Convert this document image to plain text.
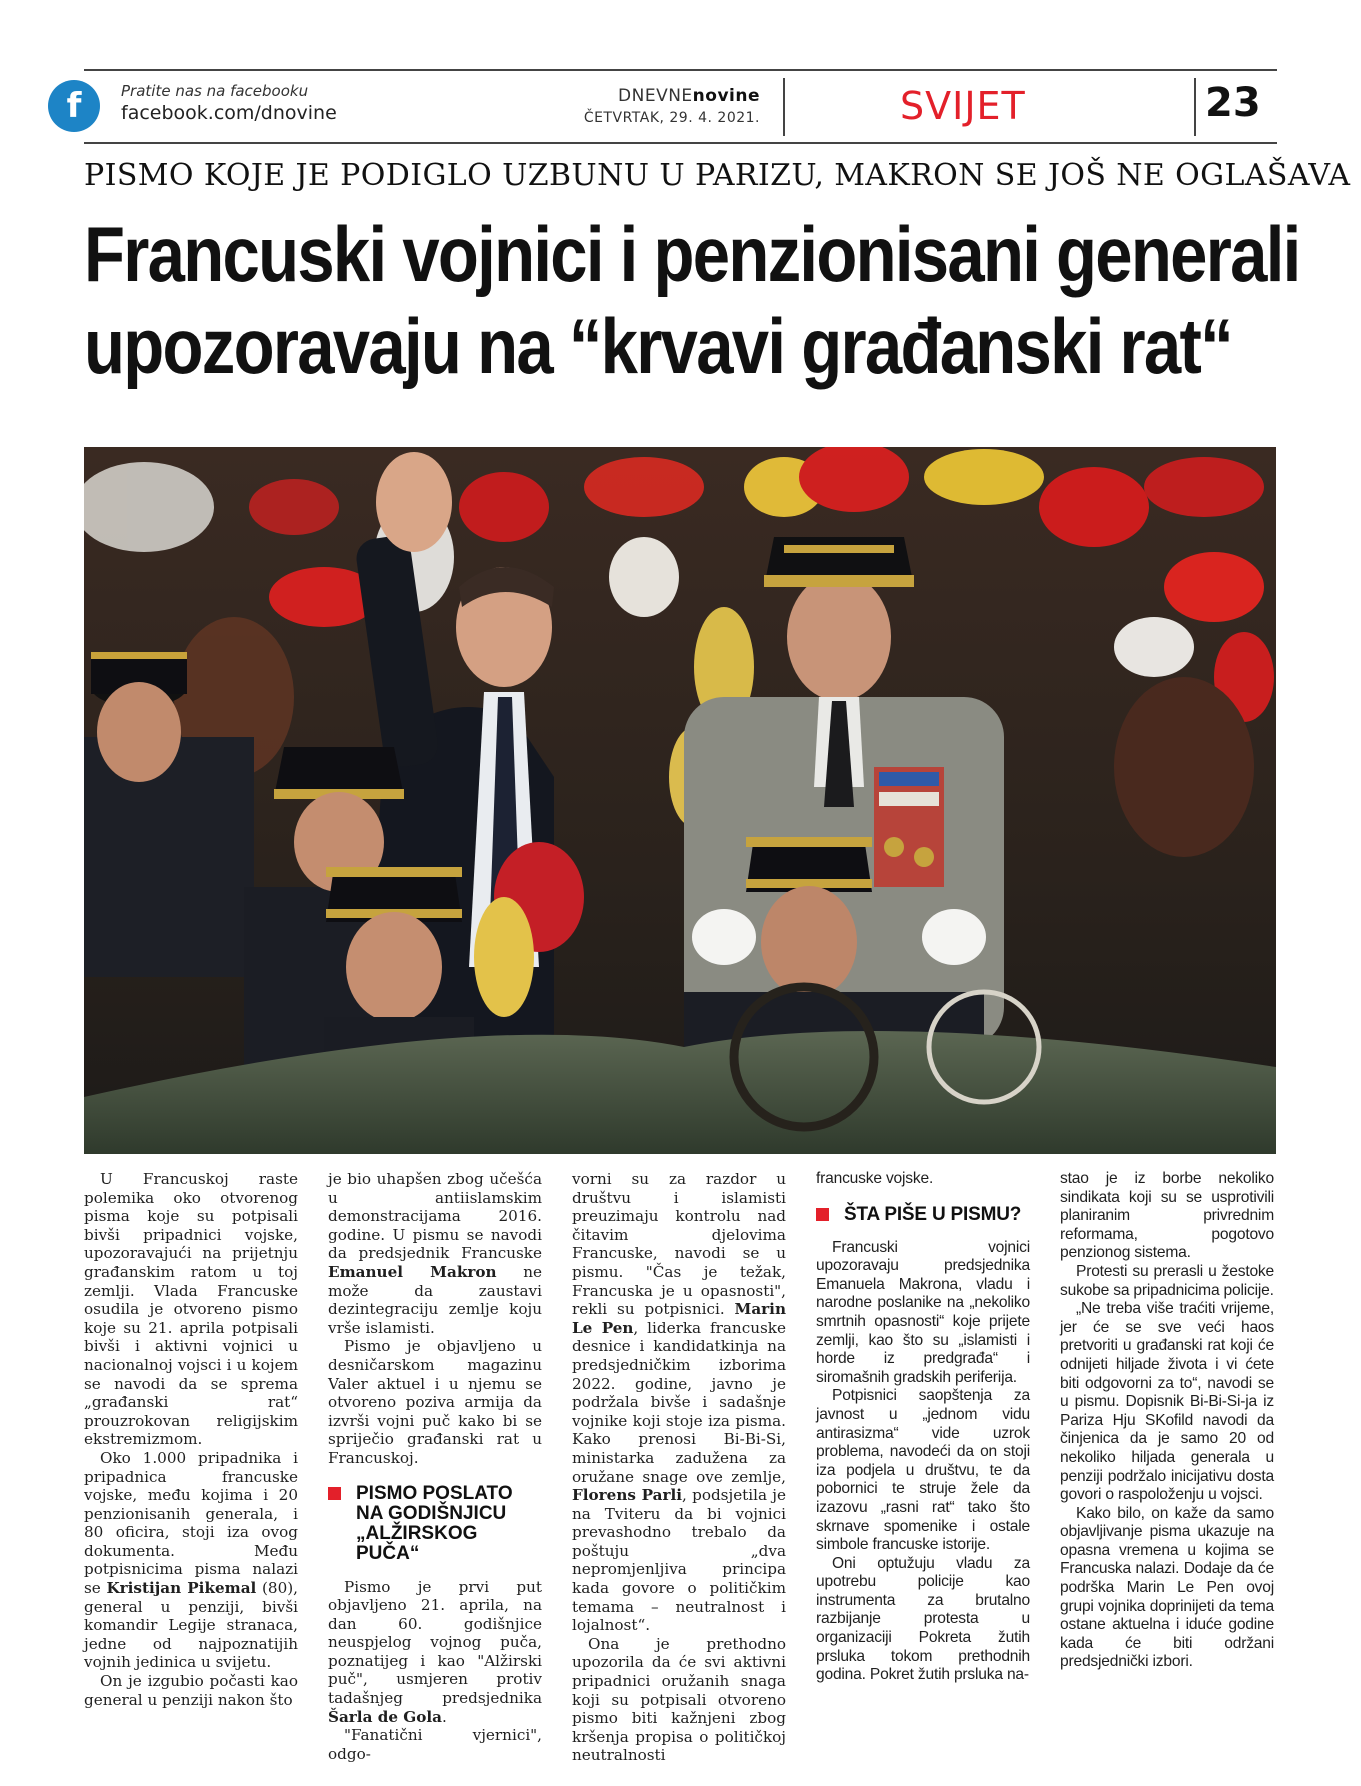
f	Pratite nas na facebooku
facebook.com/dnovine
DNEVNEnovine
ČETVRTAK, 29. 4. 2021.	SVIJET	23
PISMO KOJE JE PODIGLO UZBUNU U PARIZU, MAKRON SE JOŠ NE OGLAŠAVA
Francuski vojnici i penzionisani generali
upozoravaju na “krvavi građanski rat“

U Francuskoj raste polemika oko otvorenog pisma koje su potpisali bivši pripadnici vojske, upozoravajući na prijetnju građanskim ratom u toj zemlji. Vlada Francuske osudila je otvoreno pismo koje su 21. aprila potpisali bivši i aktivni vojnici u nacionalnoj vojsci i u kojem se navodi da se sprema „građanski rat“ prouzrokovan religijskim ekstremizmom.

Oko 1.000 pripadnika i pripadnica francuske vojske, među kojima i 20 penzionisanih generala, i 80 oficira, stoji iza ovog dokumenta. Među potpisnicima pisma nalazi se Kristijan Pikemal (80), general u penziji, bivši komandir Legije stranaca, jedne od najpoznatijih vojnih jedinica u svijetu.

On je izgubio počasti kao general u penziji nakon što

je bio uhapšen zbog učešća u antiislamskim demonstracijama 2016. godine. U pismu se navodi da predsjednik Francuske Emanuel Makron ne može da zaustavi dezintegraciju zemlje koju vrše islamisti.

Pismo je objavljeno u desničarskom magazinu Valer aktuel i u njemu se otvoreno poziva armija da izvrši vojni puč kako bi se spriječio građanski rat u Francuskoj.

PISMO POSLATO NA GODIŠNJICU „ALŽIRSKOG PUČA“

Pismo je prvi put objavljeno 21. aprila, na dan 60. godišnjice neuspjelog vojnog puča, poznatijeg i kao "Alžirski puč", usmjeren protiv tadašnjeg predsjednika Šarla de Gola.

"Fanatični vjernici", odgo-

vorni su za razdor u društvu i islamisti preuzimaju kontrolu nad čitavim djelovima Francuske, navodi se u pismu. "Čas je težak, Francuska je u opasnosti", rekli su potpisnici. Marin Le Pen, liderka francuske desnice i kandidatkinja na predsjedničkim izborima 2022. godine, javno je podržala bivše i sadašnje vojnike koji stoje iza pisma. Kako prenosi Bi-Bi-Si, ministarka zadužena za oružane snage ove zemlje, Florens Parli, podsjetila je na Tviteru da bi vojnici prevashodno trebalo da poštuju „dva nepromjenljiva principa kada govore o političkim temama – neutralnost i lojalnost“.

Ona je prethodno upozorila da će svi aktivni pripadnici oružanih snaga koji su potpisali otvoreno pismo biti kažnjeni zbog kršenja propisa o političkoj neutralnosti

francuske vojske.

ŠTA PIŠE U PISMU?

Francuski vojnici upozoravaju predsjednika Emanuela Makrona, vladu i narodne poslanike na „nekoliko smrtnih opasnosti“ koje prijete zemlji, kao što su „islamisti i horde iz predgrađa“ i siromašnih gradskih periferija.

Potpisnici saopštenja za javnost u „jednom vidu antirasizma“ vide uzrok problema, navodeći da on stoji iza podjela u društvu, te da pobornici te struje žele da izazovu „rasni rat“ tako što skrnave spomenike i ostale simbole francuske istorije.

Oni optužuju vladu za upotrebu policije kao instrumenta za brutalno razbijanje protesta u organizaciji Pokreta žutih prsluka tokom prethodnih godina. Pokret žutih prsluka na-

stao je iz borbe nekoliko sindikata koji su se usprotivili planiranim privrednim reformama, pogotovo penzionog sistema.

Protesti su prerasli u žestoke sukobe sa pripadnicima policije.

„Ne treba više traćiti vrijeme, jer će se sve veći haos pretvoriti u građanski rat koji će odnijeti hiljade života i vi ćete biti odgovorni za to“, navodi se u pismu. Dopisnik Bi-Bi-Si-ja iz Pariza Hju SKofild navodi da činjenica da je samo 20 od nekoliko hiljada generala u penziji podržalo inicijativu dosta govori o raspoloženju u vojsci.

Kako bilo, on kaže da samo objavljivanje pisma ukazuje na opasna vremena u kojima se Francuska nalazi. Dodaje da će podrška Marin Le Pen ovoj grupi vojnika doprinijeti da tema ostane aktuelna i iduće godine kada će biti održani predsjednički izbori.
